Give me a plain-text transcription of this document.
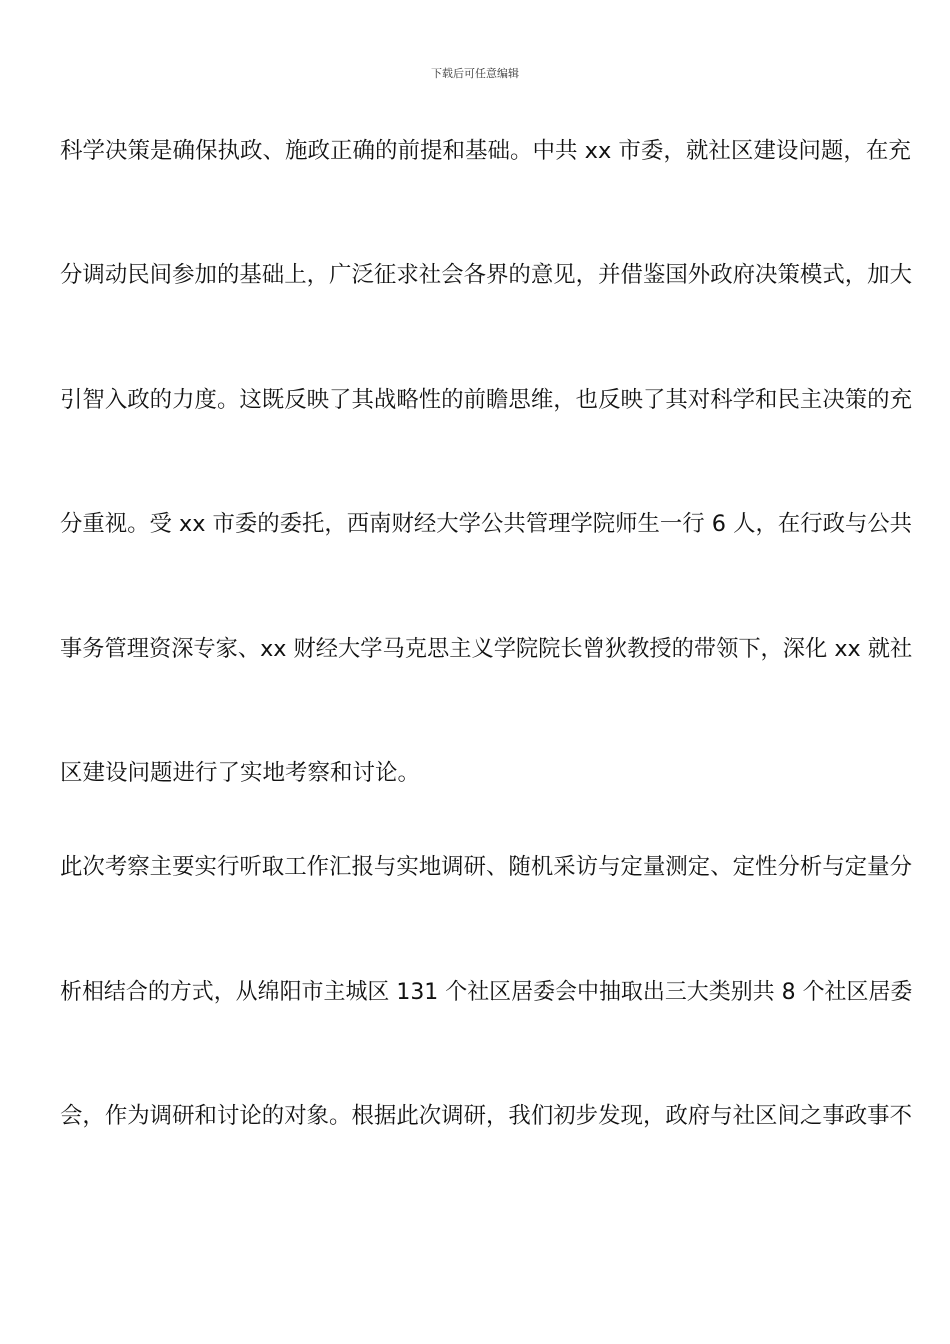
下载后可任意编辑
科学决策是确保执政、施政正确的前提和基础。中共 xx 市委，就社区建设问题，在充
分调动民间参加的基础上，广泛征求社会各界的意见，并借鉴国外政府决策模式，加大
引智入政的力度。这既反映了其战略性的前瞻思维，也反映了其对科学和民主决策的充
分重视。受 xx 市委的委托，西南财经大学公共管理学院师生一行 6 人，在行政与公共
事务管理资深专家、xx 财经大学马克思主义学院院长曾狄教授的带领下，深化 xx 就社
区建设问题进行了实地考察和讨论。
此次考察主要实行听取工作汇报与实地调研、随机采访与定量测定、定性分析与定量分
析相结合的方式，从绵阳市主城区 131 个社区居委会中抽取出三大类别共 8 个社区居委
会，作为调研和讨论的对象。根据此次调研，我们初步发现，政府与社区间之事政事不
